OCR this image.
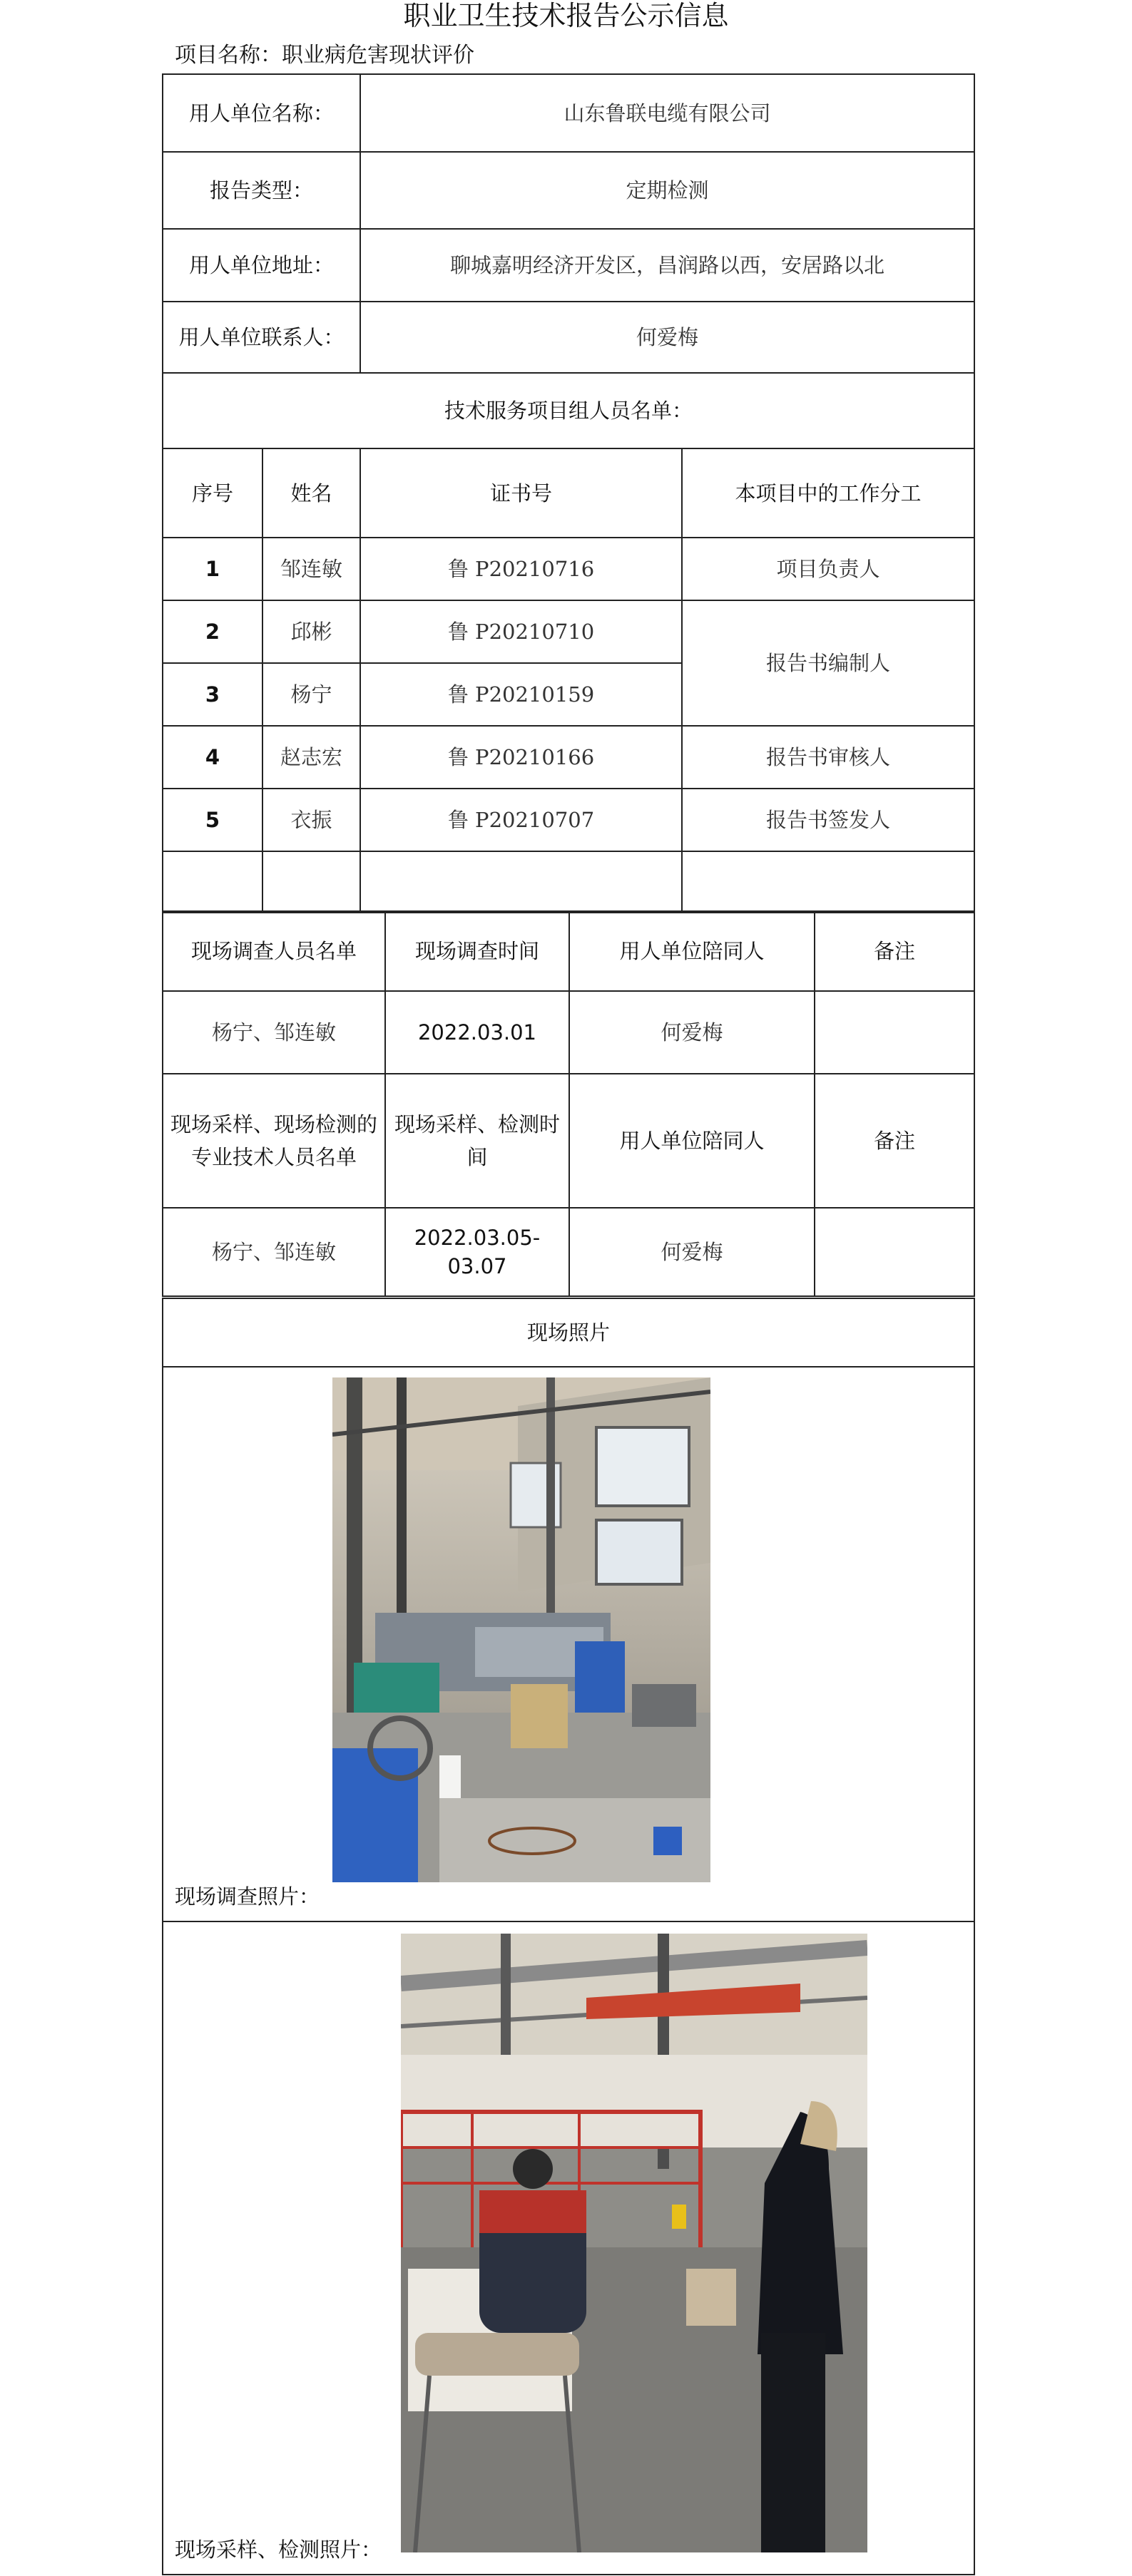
职业卫生技术报告公示信息
项目名称：职业病危害现状评价
用人单位名称：		山东鲁联电缆有限公司	
报告类型：		定期检测	
用人单位地址：		聊城嘉明经济开发区，昌润路以西，安居路以北	
用人单位联系人：		何爱梅	
技术服务项目组人员名单：			
序号	姓名	证书号	本项目中的工作分工
1	邹连敏	鲁 P20210716	项目负责人
2	邱彬	鲁 P20210710	报告书编制人
3	杨宁	鲁 P20210159	
4	赵志宏	鲁 P20210166	报告书审核人
5	衣振	鲁 P20210707	报告书签发人

现场调查人员名单	现场调查时间	用人单位陪同人	备注
杨宁、邹连敏	2022.03.01	何爱梅	
现场采样、现场检测的专业技术人员名单	现场采样、检测时间	用人单位陪同人	备注
杨宁、邹连敏	2022.03.05-03.07	何爱梅	
现场照片

现场调查照片：

现场采样、检测照片：
